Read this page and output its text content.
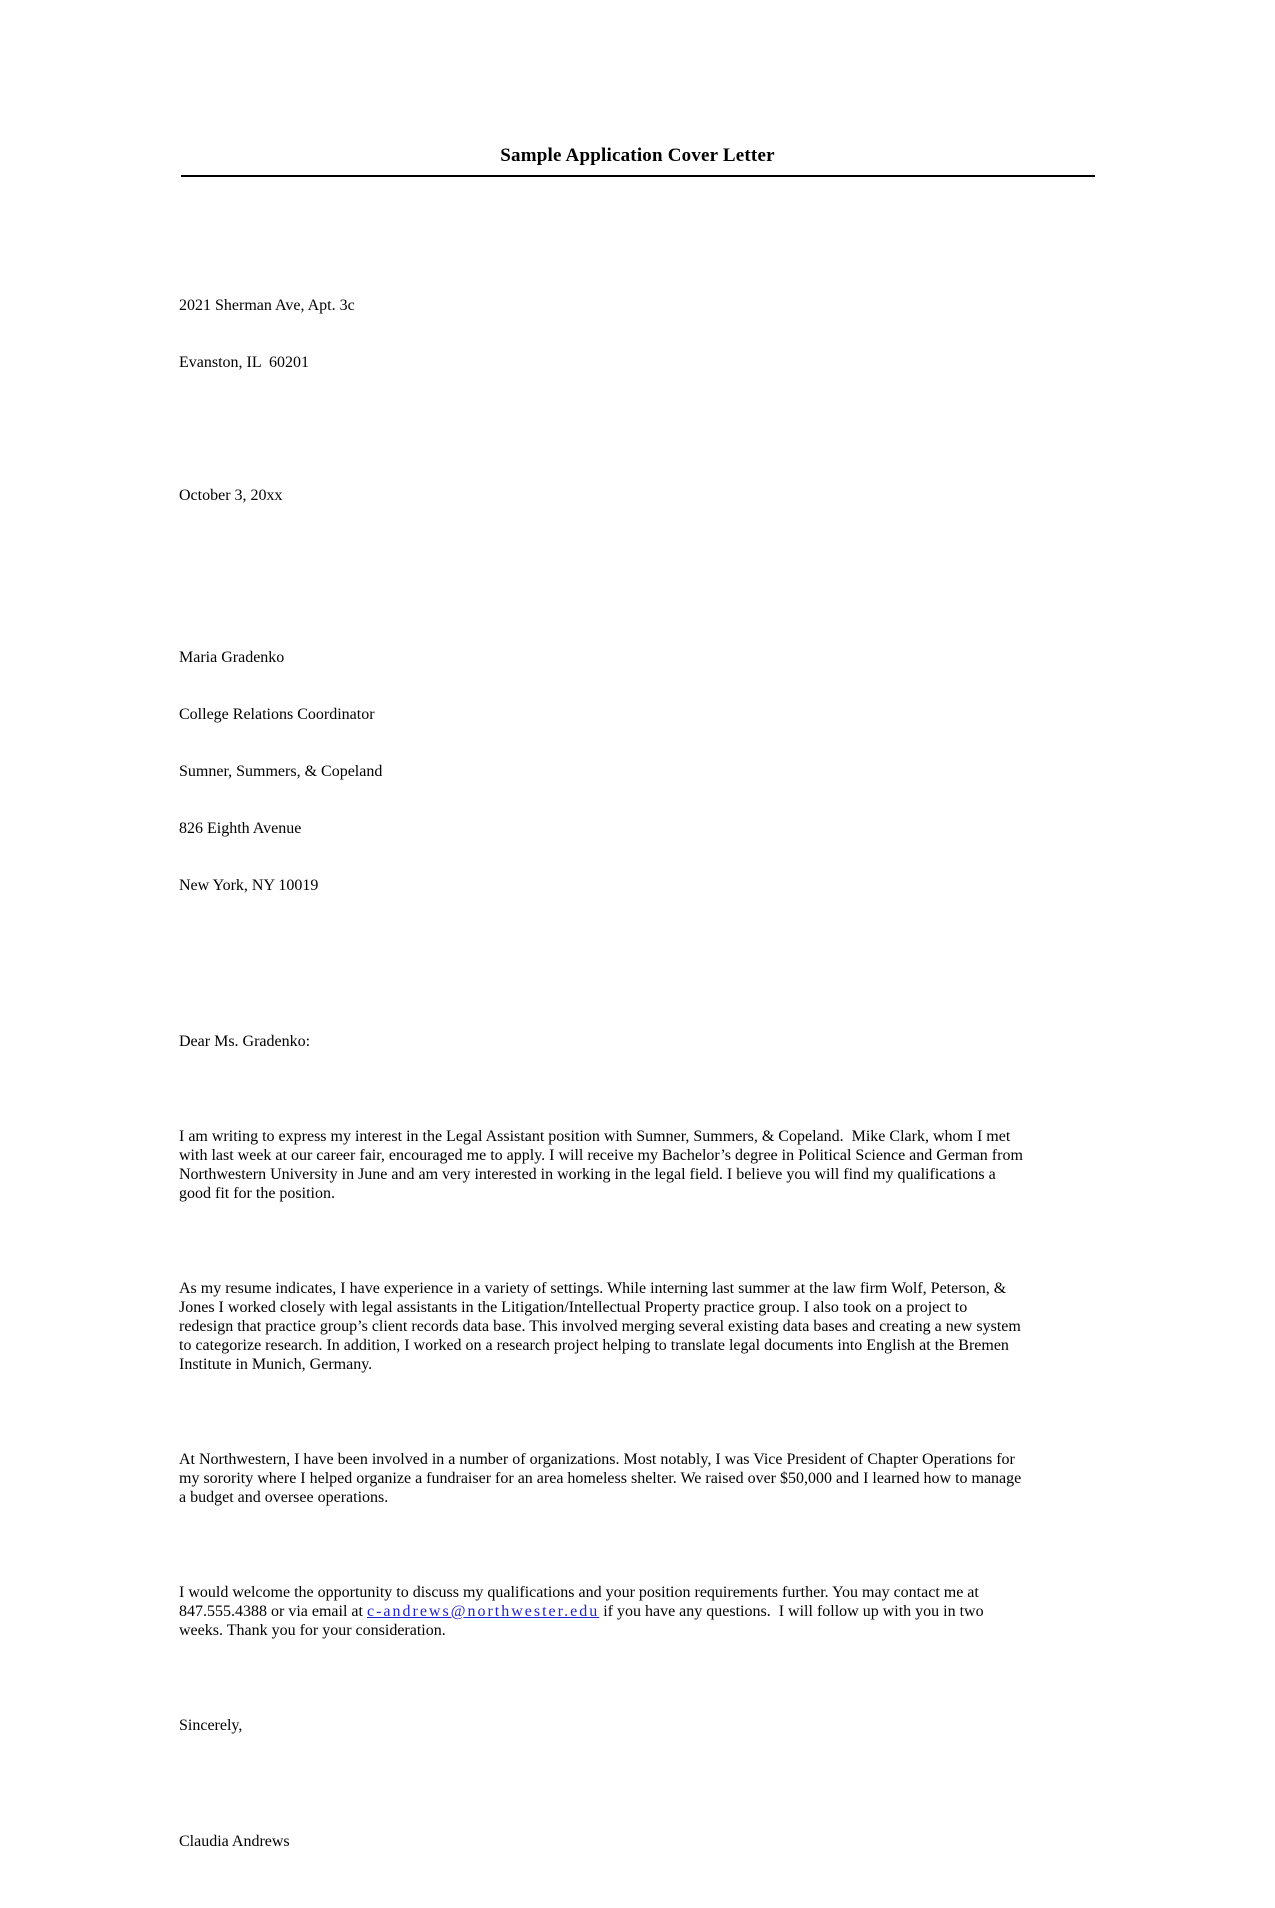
Sample Application Cover Letter

2021 Sherman Ave, Apt. 3c

Evanston, IL  60201

October 3, 20xx

Maria Gradenko

College Relations Coordinator

Sumner, Summers, & Copeland

826 Eighth Avenue

New York, NY 10019

Dear Ms. Gradenko:

I am writing to express my interest in the Legal Assistant position with Sumner, Summers, & Copeland.  Mike Clark, whom I met with last week at our career fair, encouraged me to apply. I will receive my Bachelor’s degree in Political Science and German from Northwestern University in June and am very interested in working in the legal field. I believe you will find my qualifications a good fit for the position.

As my resume indicates, I have experience in a variety of settings. While interning last summer at the law firm Wolf, Peterson, & Jones I worked closely with legal assistants in the Litigation/Intellectual Property practice group. I also took on a project to redesign that practice group’s client records data base. This involved merging several existing data bases and creating a new system to categorize research. In addition, I worked on a research project helping to translate legal documents into English at the Bremen Institute in Munich, Germany.

At Northwestern, I have been involved in a number of organizations. Most notably, I was Vice President of Chapter Operations for my sorority where I helped organize a fundraiser for an area homeless shelter. We raised over $50,000 and I learned how to manage a budget and oversee operations.

I would welcome the opportunity to discuss my qualifications and your position requirements further. You may contact me at 847.555.4388 or via email at c-andrews@northwester.edu if you have any questions.  I will follow up with you in two weeks. Thank you for your consideration.

Sincerely,

Claudia Andrews
